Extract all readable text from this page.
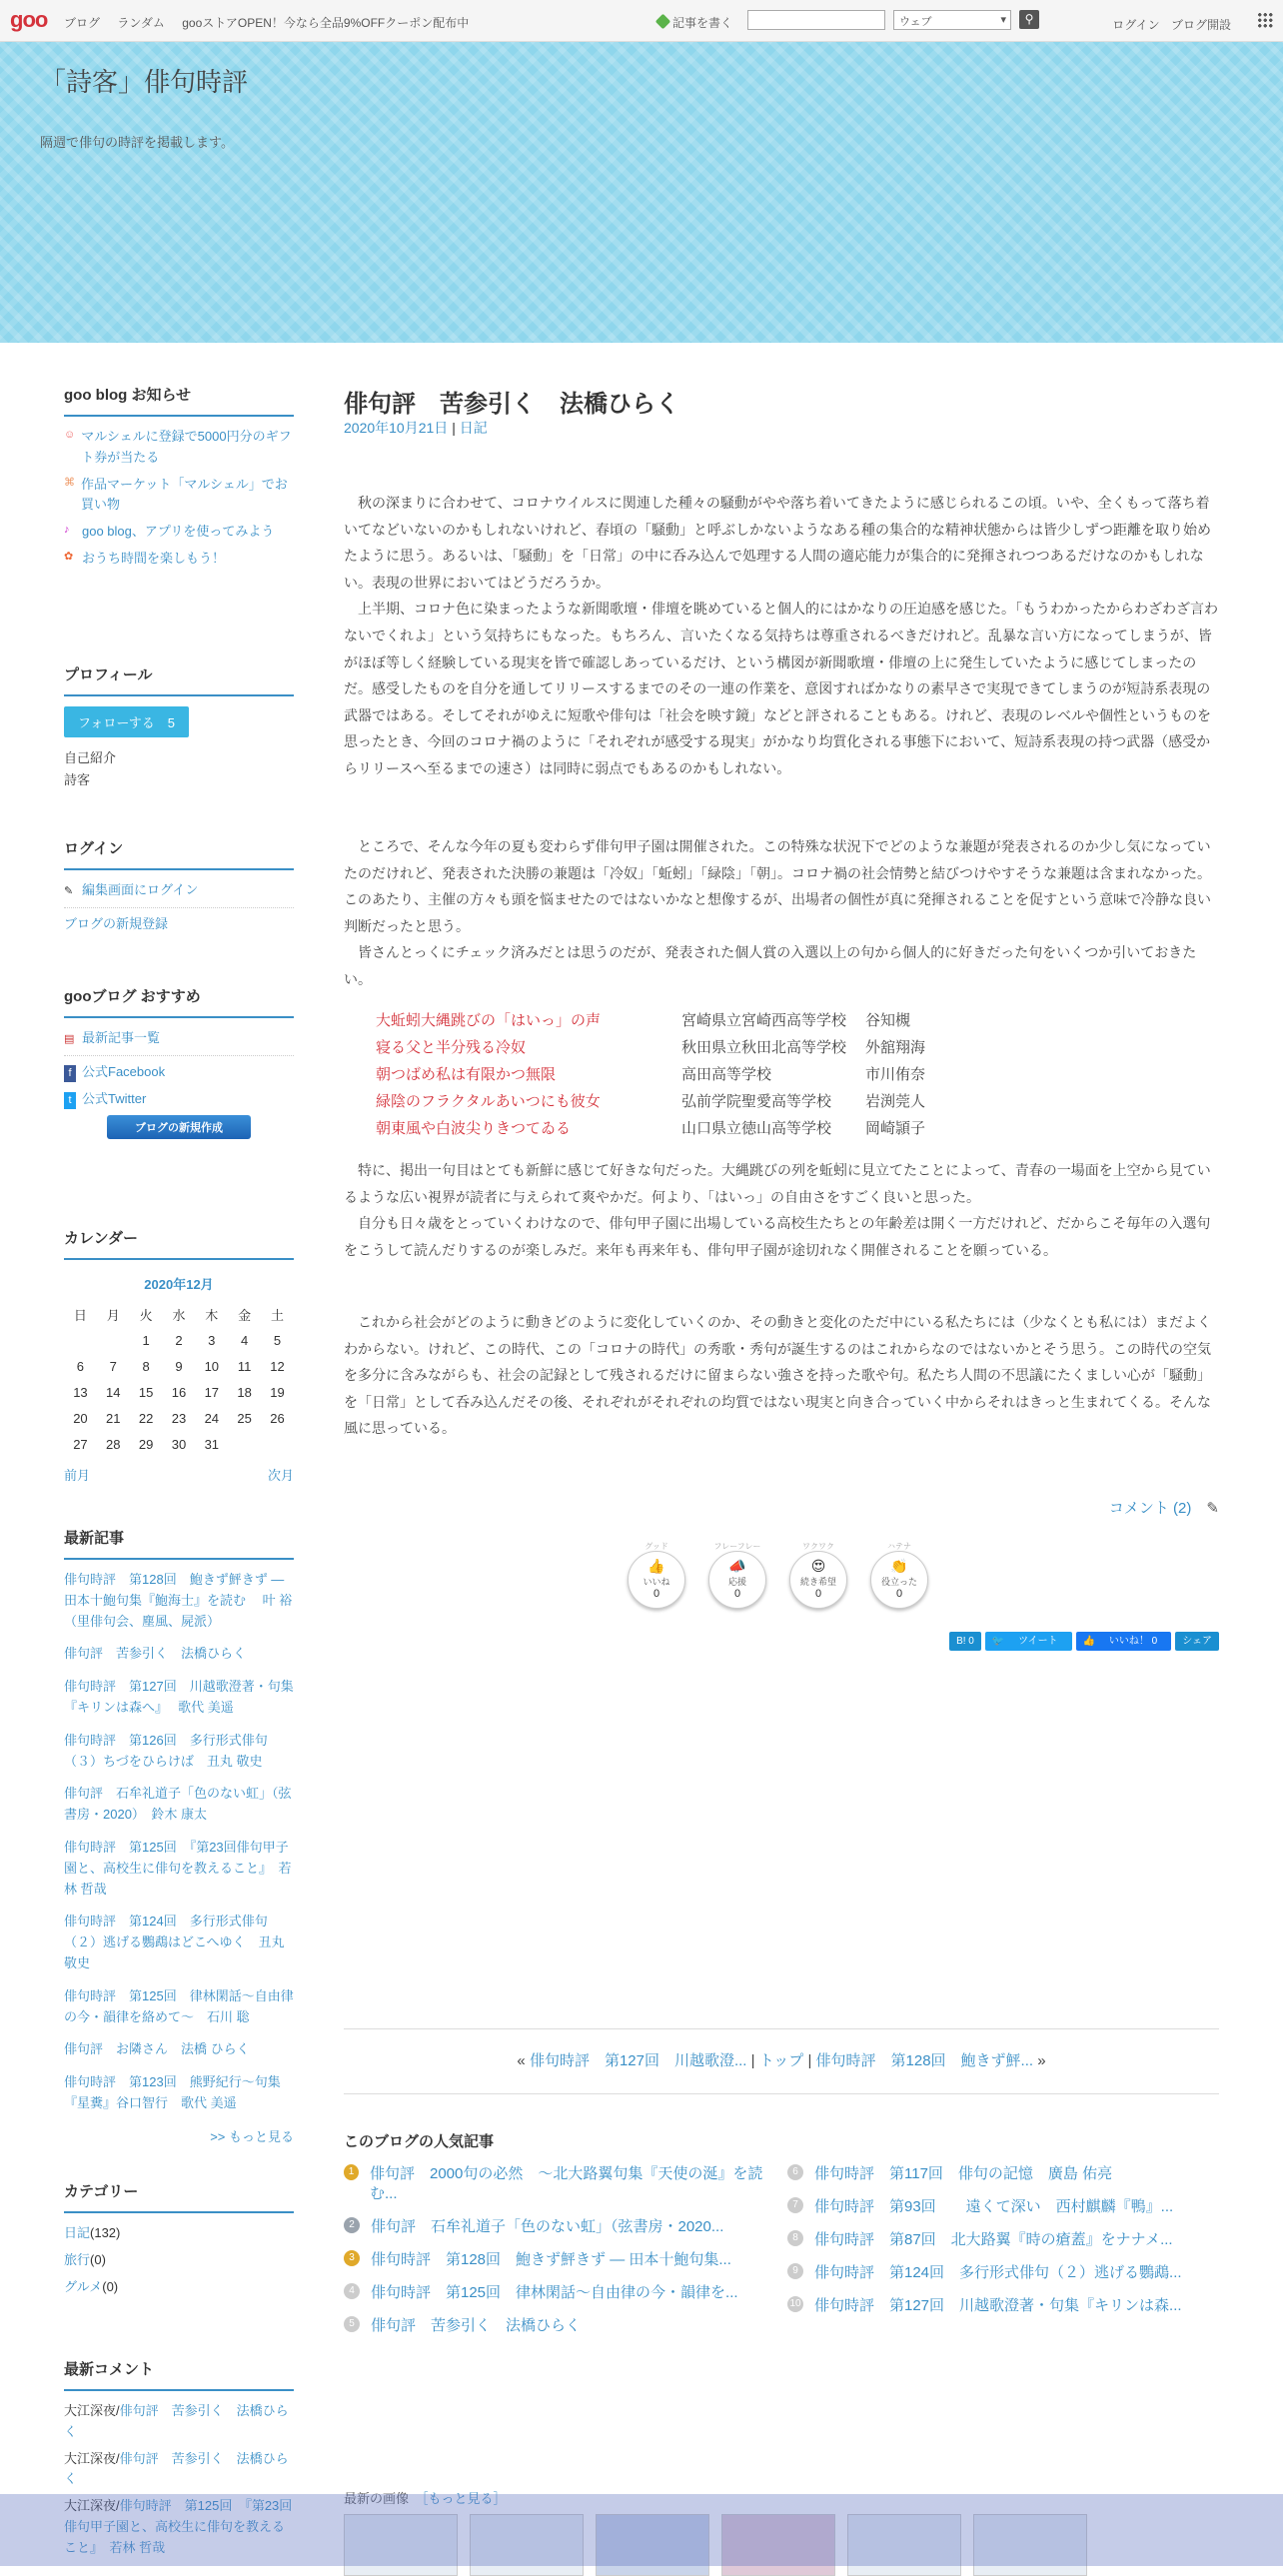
goo ブログ ランダム gooストアOPEN！今なら全品9%OFFクーポン配布中	記事を書く	ウェブ ▾	⚲	ログイン ブログ開設
「詩客」俳句時評
隔週で俳句の時評を掲載します。
goo blog お知らせ
☺ マルシェルに登録で5000円分のギフト券が当たる
⌘ 作品マーケット「マルシェル」でお買い物
♪ goo blog、アプリを使ってみよう
✿ おうち時間を楽しもう！
プロフィール
フォローする　 5
自己紹介
詩客
ログイン
✎ 編集画面にログイン
ブログの新規登録
gooブログ おすすめ
▤ 最新記事一覧
f 公式Facebook
t 公式Twitter
ブログの新規作成
カレンダー
2020年12月
日	月	火	水	木	金	土
		1	2	3	4	5
6	7	8	9	10	11	12
13	14	15	16	17	18	19
20	21	22	23	24	25	26
27	28	29	30	31		
前月	次月
最新記事
俳句時評　第128回　鮑きず鮃きず ― 田本十鮑句集『鮑海士』を読む　 叶 裕（里俳句会、塵風、屍派）
俳句評　苦参引く　法橋ひらく
俳句時評　第127回　川越歌澄著・句集『キリンは森へ』　 歌代 美遥
俳句時評　第126回　多行形式俳句（３）ちづをひらけば　丑丸 敬史
俳句評　石牟礼道子「色のない虹」（弦書房・2020）　鈴木 康太
俳句時評　第125回　『第23回俳句甲子園と、高校生に俳句を教えること』　若林 哲哉
俳句時評　第124回　多行形式俳句（２）逃げる鸚鵡はどこへゆく　丑丸 敬史
俳句時評　第125回　律林閑話～自由律の今・韻律を絡めて～　石川 聡
俳句評　お隣さん　法橋 ひらく
俳句時評　第123回　熊野紀行～句集『星糞』谷口智行　歌代 美遥
>> もっと見る
カテゴリー
日記(132)
旅行(0)
グルメ(0)
最新コメント
大江深夜/俳句評　苦参引く　法橋ひらく
大江深夜/俳句評　苦参引く　法橋ひらく
大江深夜/俳句時評　第125回　『第23回俳句甲子園と、高校生に俳句を教えること』　若林 哲哉
俳句評　苦参引く　法橋ひらく
2020年10月21日 | 日記

　秋の深まりに合わせて、コロナウイルスに関連した種々の騒動がやや落ち着いてきたように感じられるこの頃。いや、全くもって落ち着いてなどいないのかもしれないけれど、春頃の「騒動」と呼ぶしかないようなある種の集合的な精神状態からは皆少しずつ距離を取り始めたように思う。あるいは、「騒動」を「日常」の中に呑み込んで処理する人間の適応能力が集合的に発揮されつつあるだけなのかもしれない。表現の世界においてはどうだろうか。

　上半期、コロナ色に染まったような新聞歌壇・俳壇を眺めていると個人的にはかなりの圧迫感を感じた。「もうわかったからわざわざ言わないでくれよ」という気持ちにもなった。もちろん、言いたくなる気持ちは尊重されるべきだけれど。乱暴な言い方になってしまうが、皆がほぼ等しく経験している現実を皆で確認しあっているだけ、という構図が新聞歌壇・俳壇の上に発生していたように感じてしまったのだ。感受したものを自分を通してリリースするまでのその一連の作業を、意図すればかなりの素早さで実現できてしまうのが短詩系表現の武器ではある。そしてそれがゆえに短歌や俳句は「社会を映す鏡」などと評されることもある。けれど、表現のレベルや個性というものを思ったとき、今回のコロナ禍のように「それぞれが感受する現実」がかなり均質化される事態下において、短詩系表現の持つ武器（感受からリリースへ至るまでの速さ）は同時に弱点でもあるのかもしれない。

　ところで、そんな今年の夏も変わらず俳句甲子園は開催された。この特殊な状況下でどのような兼題が発表されるのか少し気になっていたのだけれど、発表された決勝の兼題は「冷奴」「蚯蚓」「緑陰」「朝」。コロナ禍の社会情勢と結びつけやすそうな兼題は含まれなかった。このあたり、主催の方々も頭を悩ませたのではないかなと想像するが、出場者の個性が真に発揮されることを促すという意味で冷静な良い判断だったと思う。

　皆さんとっくにチェック済みだとは思うのだが、発表された個人賞の入選以上の句から個人的に好きだった句をいくつか引いておきたい。

大蚯蚓大縄跳びの「はいっ」の声	宮崎県立宮崎西高等学校	谷知槻
寝る父と半分残る冷奴	秋田県立秋田北高等学校	外舘翔海
朝つばめ私は有限かつ無限	高田高等学校	市川侑奈
緑陰のフラクタルあいつにも彼女	弘前学院聖愛高等学校	岩渕莞人
朝東風や白波尖りきつてゐる	山口県立徳山高等学校	岡崎頴子

　特に、掲出一句目はとても新鮮に感じて好きな句だった。大縄跳びの列を蚯蚓に見立てたことによって、青春の一場面を上空から見ているような広い視界が読者に与えられて爽やかだ。何より、「はいっ」の自由さをすごく良いと思った。

　自分も日々歳をとっていくわけなので、俳句甲子園に出場している高校生たちとの年齢差は開く一方だけれど、だからこそ毎年の入選句をこうして読んだりするのが楽しみだ。来年も再来年も、俳句甲子園が途切れなく開催されることを願っている。

　これから社会がどのように動きどのように変化していくのか、その動きと変化のただ中にいる私たちには（少なくとも私には）まだよくわからない。けれど、この時代、この「コロナの時代」の秀歌・秀句が誕生するのはこれからなのではないかとそう思う。この時代の空気を多分に含みながらも、社会の記録として残されるだけに留まらない強さを持った歌や句。私たち人間の不思議にたくましい心が「騒動」を「日常」として呑み込んだその後、それぞれがそれぞれの均質ではない現実と向き合っていく中からそれはきっと生まれてくる。そんな風に思っている。

コメント (2)　 ✎
グッド
👍
いいね
0
フレーフレー
📣
応援
0
ワクワク
😍
続き希望
0
ハテナ
👏
役立った
0
B! 0	🐦 ツイート	👍 いいね！ 0	シェア
« 俳句時評　第127回　川越歌澄... | トップ | 俳句時評　第128回　鮑きず鮃... »
このブログの人気記事
1	俳句評　2000句の必然　～北大路翼句集『天使の涎』を読む...
2	俳句評　石牟礼道子「色のない虹」（弦書房・2020...
3	俳句時評　第128回　鮑きず鮃きず ― 田本十鮑句集...
4	俳句時評　第125回　律林閑話～自由律の今・韻律を...
5	俳句評　苦参引く　法橋ひらく
6	俳句時評　第117回　俳句の記憶　廣島 佑亮
7	俳句時評　第93回　　遠くて深い　西村麒麟『鴨』...
8	俳句時評　第87回　北大路翼『時の瘡蓋』をナナメ...
9	俳句時評　第124回　多行形式俳句（２）逃げる鸚鵡...
10 俳句時評　第127回　川越歌澄著・句集『キリンは森...
最新の画像　 ［もっと見る］
